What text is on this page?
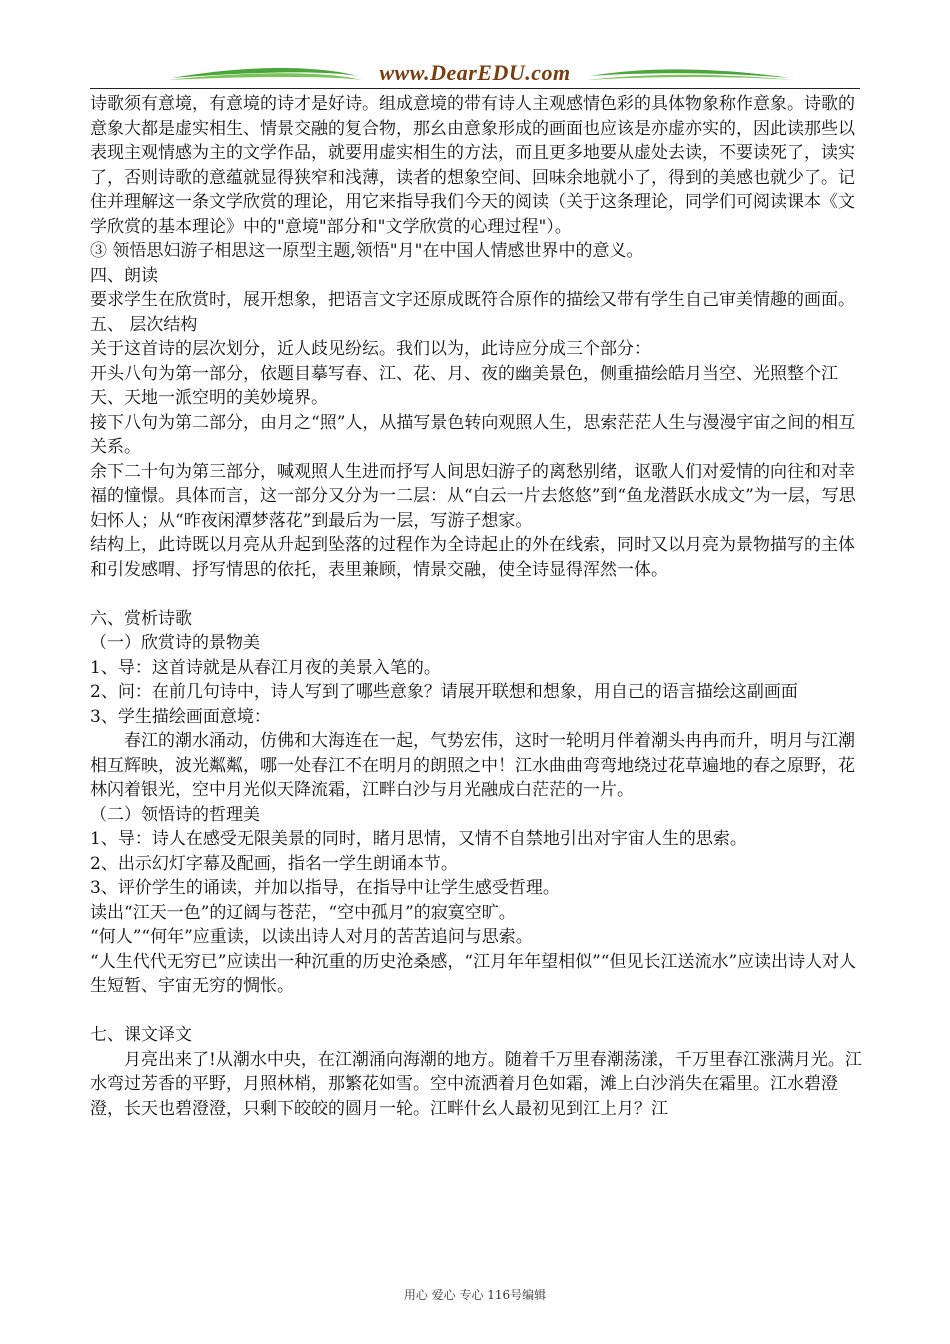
www.DearEDU.com

诗歌须有意境，有意境的诗才是好诗。组成意境的带有诗人主观感情色彩的具体物象称作意象。诗歌的意象大都是虚实相生、情景交融的复合物，那幺由意象形成的画面也应该是亦虚亦实的，因此读那些以表现主观情感为主的文学作品，就要用虚实相生的方法，而且更多地要从虚处去读，不要读死了，读实了，否则诗歌的意蕴就显得狭窄和浅薄，读者的想象空间、回味余地就小了，得到的美感也就少了。记住并理解这一条文学欣赏的理论，用它来指导我们今天的阅读（关于这条理论，同学们可阅读课本《文学欣赏的基本理论》中的"意境"部分和"文学欣赏的心理过程"）。

③ 领悟思妇游子相思这一原型主题,领悟"月"在中国人情感世界中的意义。

四、朗读

要求学生在欣赏时，展开想象，把语言文字还原成既符合原作的描绘又带有学生自己审美情趣的画面。

五、 层次结构

关于这首诗的层次划分，近人歧见纷纭。我们以为，此诗应分成三个部分：

开头八句为第一部分，依题目摹写春、江、花、月、夜的幽美景色，侧重描绘皓月当空、光照整个江天、天地一派空明的美妙境界。

接下八句为第二部分，由月之“照”人，从描写景色转向观照人生，思索茫茫人生与漫漫宇宙之间的相互关系。

余下二十句为第三部分，喊观照人生进而抒写人间思妇游子的离愁别绪，讴歌人们对爱情的向往和对幸福的憧憬。具体而言，这一部分又分为一二层：从“白云一片去悠悠”到“鱼龙潜跃水成文”为一层，写思妇怀人；从“昨夜闲潭梦落花”到最后为一层，写游子想家。

结构上，此诗既以月亮从升起到坠落的过程作为全诗起止的外在线索，同时又以月亮为景物描写的主体和引发感喟、抒写情思的依托，表里兼顾，情景交融，使全诗显得浑然一体。

六、赏析诗歌

（一）欣赏诗的景物美

1、导：这首诗就是从春江月夜的美景入笔的。

2、问：在前几句诗中，诗人写到了哪些意象？请展开联想和想象，用自己的语言描绘这副画面

3、学生描绘画面意境：

春江的潮水涌动，仿佛和大海连在一起，气势宏伟，这时一轮明月伴着潮头冉冉而升，明月与江潮相互辉映，波光粼粼，哪一处春江不在明月的朗照之中！江水曲曲弯弯地绕过花草遍地的春之原野，花林闪着银光，空中月光似天降流霜，江畔白沙与月光融成白茫茫的一片。

（二）领悟诗的哲理美

1、导：诗人在感受无限美景的同时，睹月思情，又情不自禁地引出对宇宙人生的思索。

2、出示幻灯字幕及配画，指名一学生朗诵本节。

3、评价学生的诵读，并加以指导，在指导中让学生感受哲理。

读出“江天一色”的辽阔与苍茫，“空中孤月”的寂寞空旷。

“何人”“何年”应重读，以读出诗人对月的苦苦追问与思索。

“人生代代无穷已”应读出一种沉重的历史沧桑感，“江月年年望相似”“但见长江送流水”应读出诗人对人生短暂、宇宙无穷的惆怅。

七、课文译文

月亮出来了!从潮水中央，在江潮涌向海潮的地方。随着千万里春潮荡漾，千万里春江涨满月光。江水弯过芳香的平野，月照林梢，那繁花如雪。空中流洒着月色如霜，滩上白沙消失在霜里。江水碧澄澄，长天也碧澄澄，只剩下皎皎的圆月一轮。江畔什幺人最初见到江上月？江

用心 爱心 专心 116号编辑
